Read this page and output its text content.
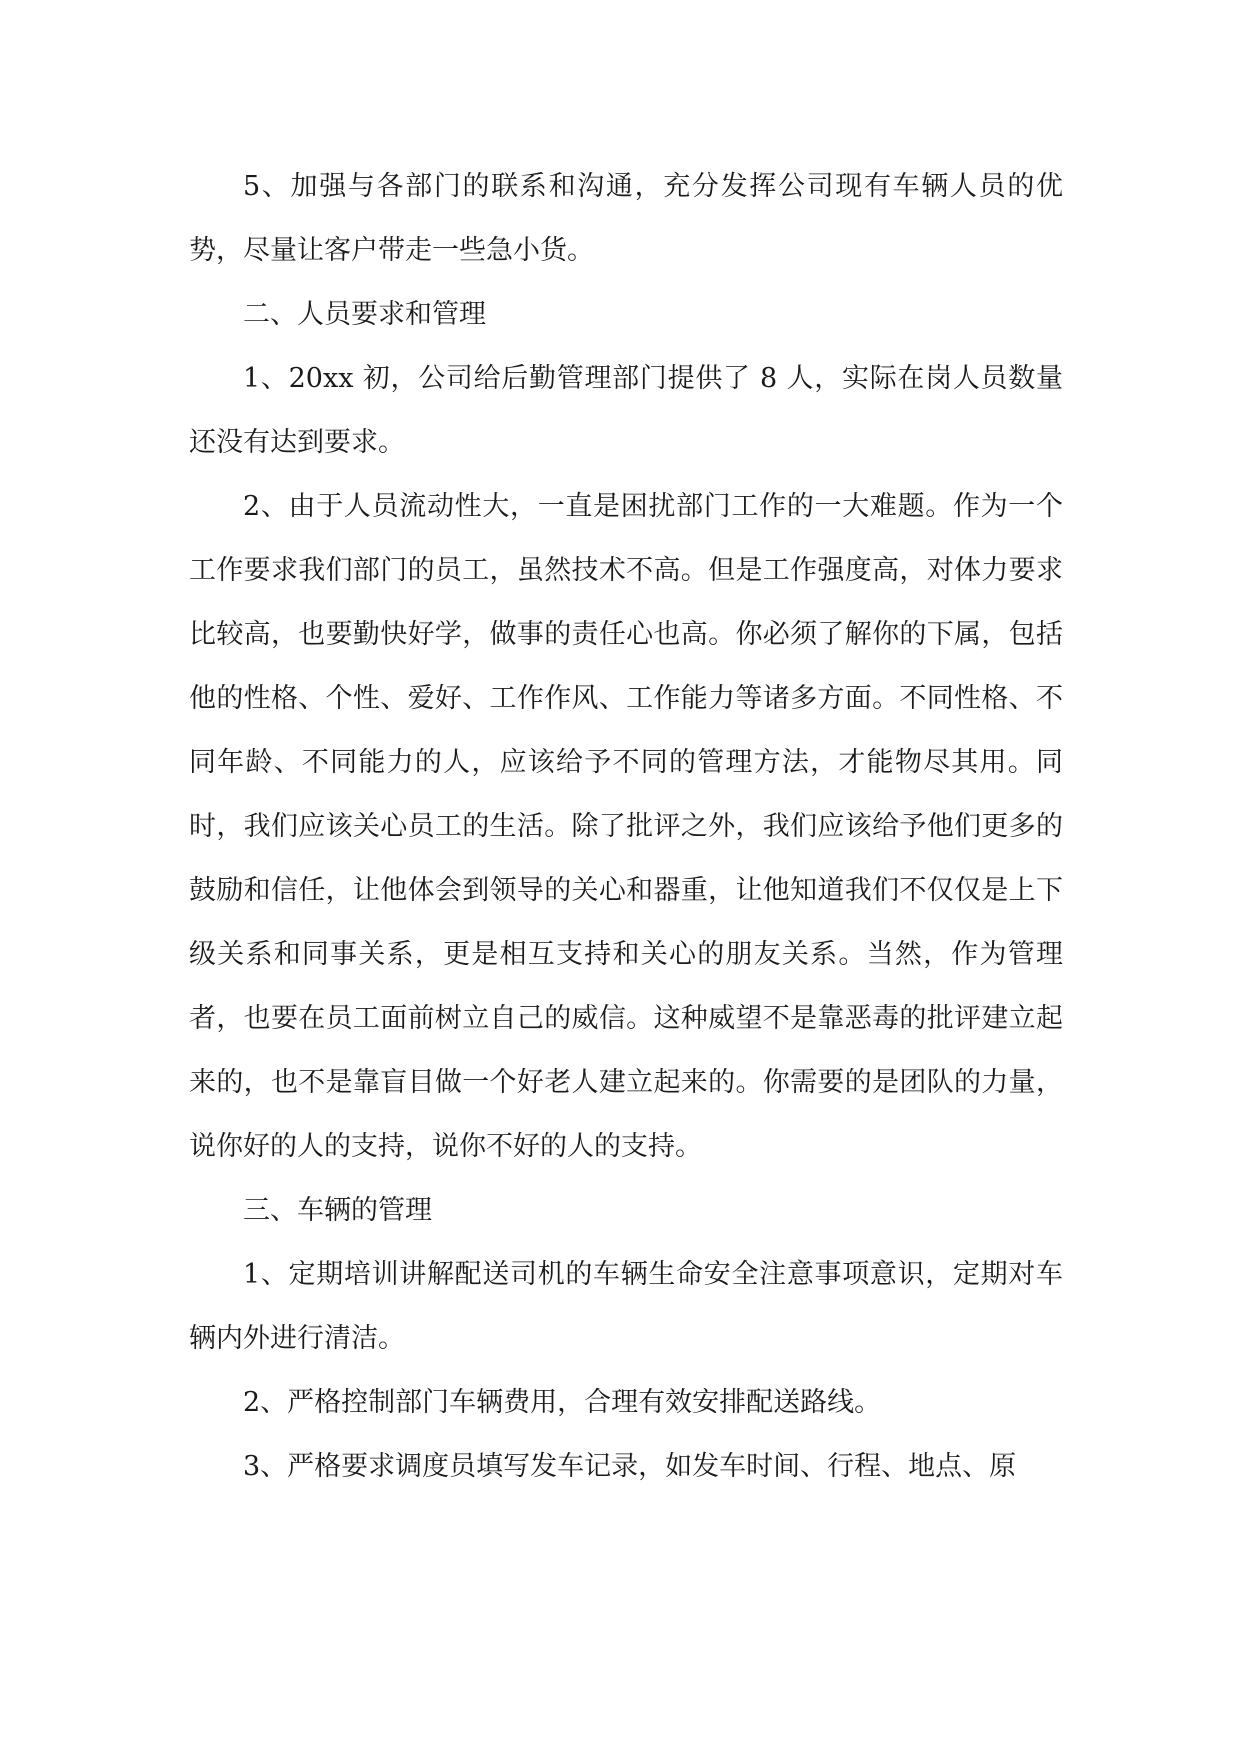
5、加强与各部门的联系和沟通，充分发挥公司现有车辆人员的优势，尽量让客户带走一些急小货。

二、人员要求和管理

1、20xx 初，公司给后勤管理部门提供了 8 人，实际在岗人员数量还没有达到要求。

2、由于人员流动性大，一直是困扰部门工作的一大难题。作为一个工作要求我们部门的员工，虽然技术不高。但是工作强度高，对体力要求比较高，也要勤快好学，做事的责任心也高。你必须了解你的下属，包括他的性格、个性、爱好、工作作风、工作能力等诸多方面。不同性格、不同年龄、不同能力的人，应该给予不同的管理方法，才能物尽其用。同时，我们应该关心员工的生活。除了批评之外，我们应该给予他们更多的鼓励和信任，让他体会到领导的关心和器重，让他知道我们不仅仅是上下级关系和同事关系，更是相互支持和关心的朋友关系。当然，作为管理者，也要在员工面前树立自己的威信。这种威望不是靠恶毒的批评建立起来的，也不是靠盲目做一个好老人建立起来的。你需要的是团队的力量，说你好的人的支持，说你不好的人的支持。

三、车辆的管理

1、定期培训讲解配送司机的车辆生命安全注意事项意识，定期对车辆内外进行清洁。

2、严格控制部门车辆费用，合理有效安排配送路线。

3、严格要求调度员填写发车记录，如发车时间、行程、地点、原
